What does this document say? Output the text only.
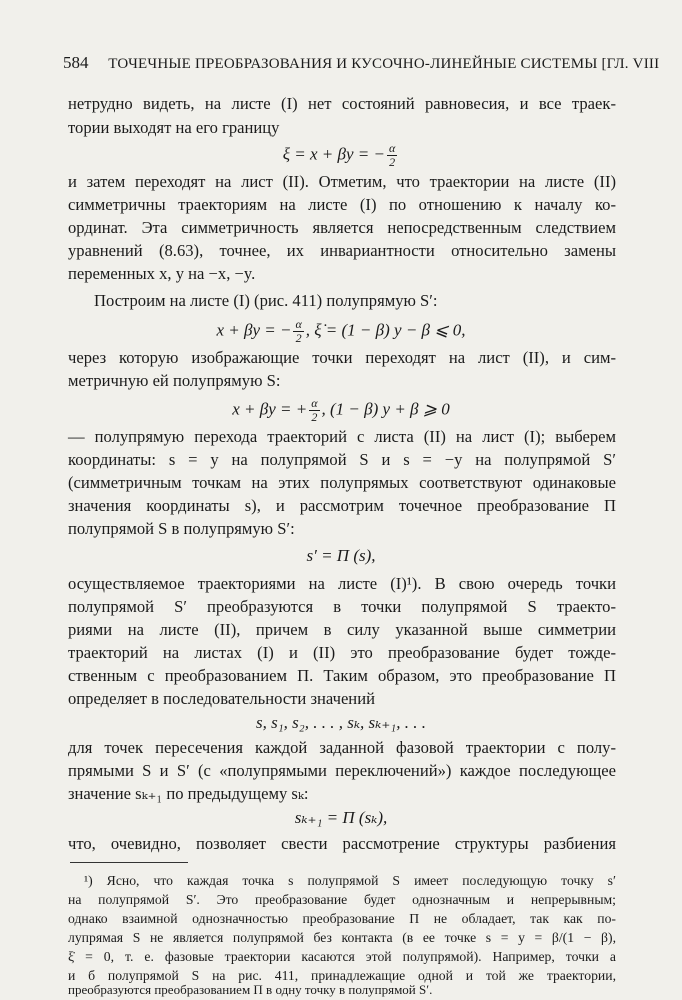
584 ТОЧЕЧНЫЕ ПРЕОБРАЗОВАНИЯ И КУСОЧНО-ЛИНЕЙНЫЕ СИСТЕМЫ [ГЛ. VIII
нетрудно видеть, на листе (I) нет состояний равновесия, и все траек-
тории выходят на его границу
ξ = x + βy = − $\frac{\alpha}{2}$
и затем переходят на лист (II). Отметим, что траектории на листе (II)
симметричны траекториям на листе (I) по отношению к началу ко-
ординат. Эта симметричность является непосредственным следствием
уравнений (8.63), точнее, их инвариантности относительно замены
переменных x, y на −x, −y.
Построим на листе (I) (рис. 411) полупрямую S′:
x + βy = − $\frac{\alpha}{2}$ , ξ̇ = (1 − β) y − β ⩽ 0,
через которую изображающие точки переходят на лист (II), и сим-
метричную ей полупрямую S:
x + βy = + $\frac{\alpha}{2}$ , (1 − β) y + β ⩾ 0
— полупрямую перехода траекторий с листа (II) на лист (I); выберем
координаты: s = y на полупрямой S и s = −y на полупрямой S′
(симметричным точкам на этих полупрямых соответствуют одинаковые
значения координаты s), и рассмотрим точечное преобразование Π
полупрямой S в полупрямую S′:
s′ = Π (s),
осуществляемое траекториями на листе (I)¹). В свою очередь точки
полупрямой S′ преобразуются в точки полупрямой S траекто-
риями на листе (II), причем в силу указанной выше симметрии
траекторий на листах (I) и (II) это преобразование будет тожде-
ственным с преобразованием Π. Таким образом, это преобразование Π
определяет в последовательности значений
s, s₁, s₂, . . . , sₖ, sₖ₊₁, . . .
для точек пересечения каждой заданной фазовой траектории с полу-
прямыми S и S′ (с «полупрямыми переключений») каждое последующее
значение sₖ₊₁ по предыдущему sₖ:
sₖ₊₁ = Π (sₖ),
что, очевидно, позволяет свести рассмотрение структуры разбиения
¹) Ясно, что каждая точка s полупрямой S имеет последующую точку s′
на полупрямой S′. Это преобразование будет однозначным и непрерывным;
однако взаимной однозначностью преобразование Π не обладает, так как по-
лупрямая S не является полупрямой без контакта (в ее точке s = y = β/(1 − β),
ξ̇ = 0, т. е. фазовые траектории касаются этой полупрямой). Например, точки a
и б полупрямой S на рис. 411, принадлежащие одной и той же траектории,
преобразуются преобразованием Π в одну точку в полупрямой S′.
